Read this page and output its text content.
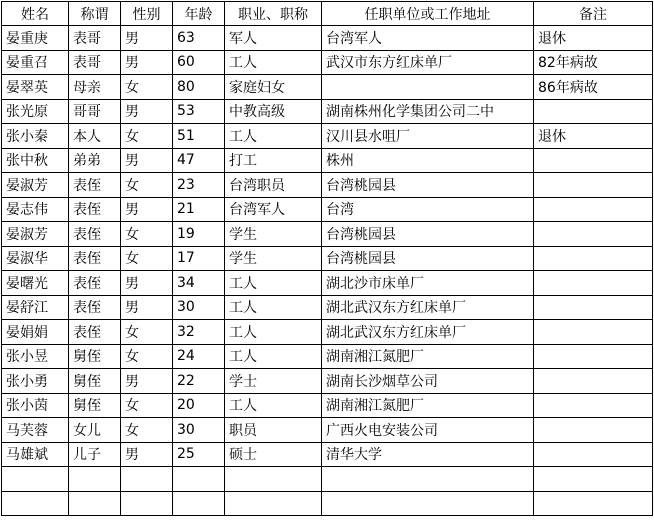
姓名	称谓	性别	年龄	职业、职称	任职单位或工作地址	备注
晏重庚	表哥	男	63	军人	台湾军人	退休
晏重召	表哥	男	60	工人	武汉市东方红床单厂	82年病故
晏翠英	母亲	女	80	家庭妇女		86年病故
张光原	哥哥	男	53	中教高级	湖南株州化学集团公司二中	
张小秦	本人	女	51	工人	汉川县水咀厂	退休
张中秋	弟弟	男	47	打工	株州	
晏淑芳	表侄	女	23	台湾职员	台湾桃园县	
晏志伟	表侄	男	21	台湾军人	台湾	
晏淑芳	表侄	女	19	学生	台湾桃园县	
晏淑华	表侄	女	17	学生	台湾桃园县	
晏曙光	表侄	男	34	工人	湖北沙市床单厂	
晏舒江	表侄	男	30	工人	湖北武汉东方红床单厂	
晏娟娟	表侄	女	32	工人	湖北武汉东方红床单厂	
张小昱	舅侄	女	24	工人	湖南湘江氮肥厂	
张小勇	舅侄	男	22	学士	湖南长沙烟草公司	
张小茵	舅侄	女	20	工人	湖南湘江氮肥厂	
马芙蓉	女儿	女	30	职员	广西火电安装公司	
马雄斌	儿子	男	25	硕士	清华大学	
